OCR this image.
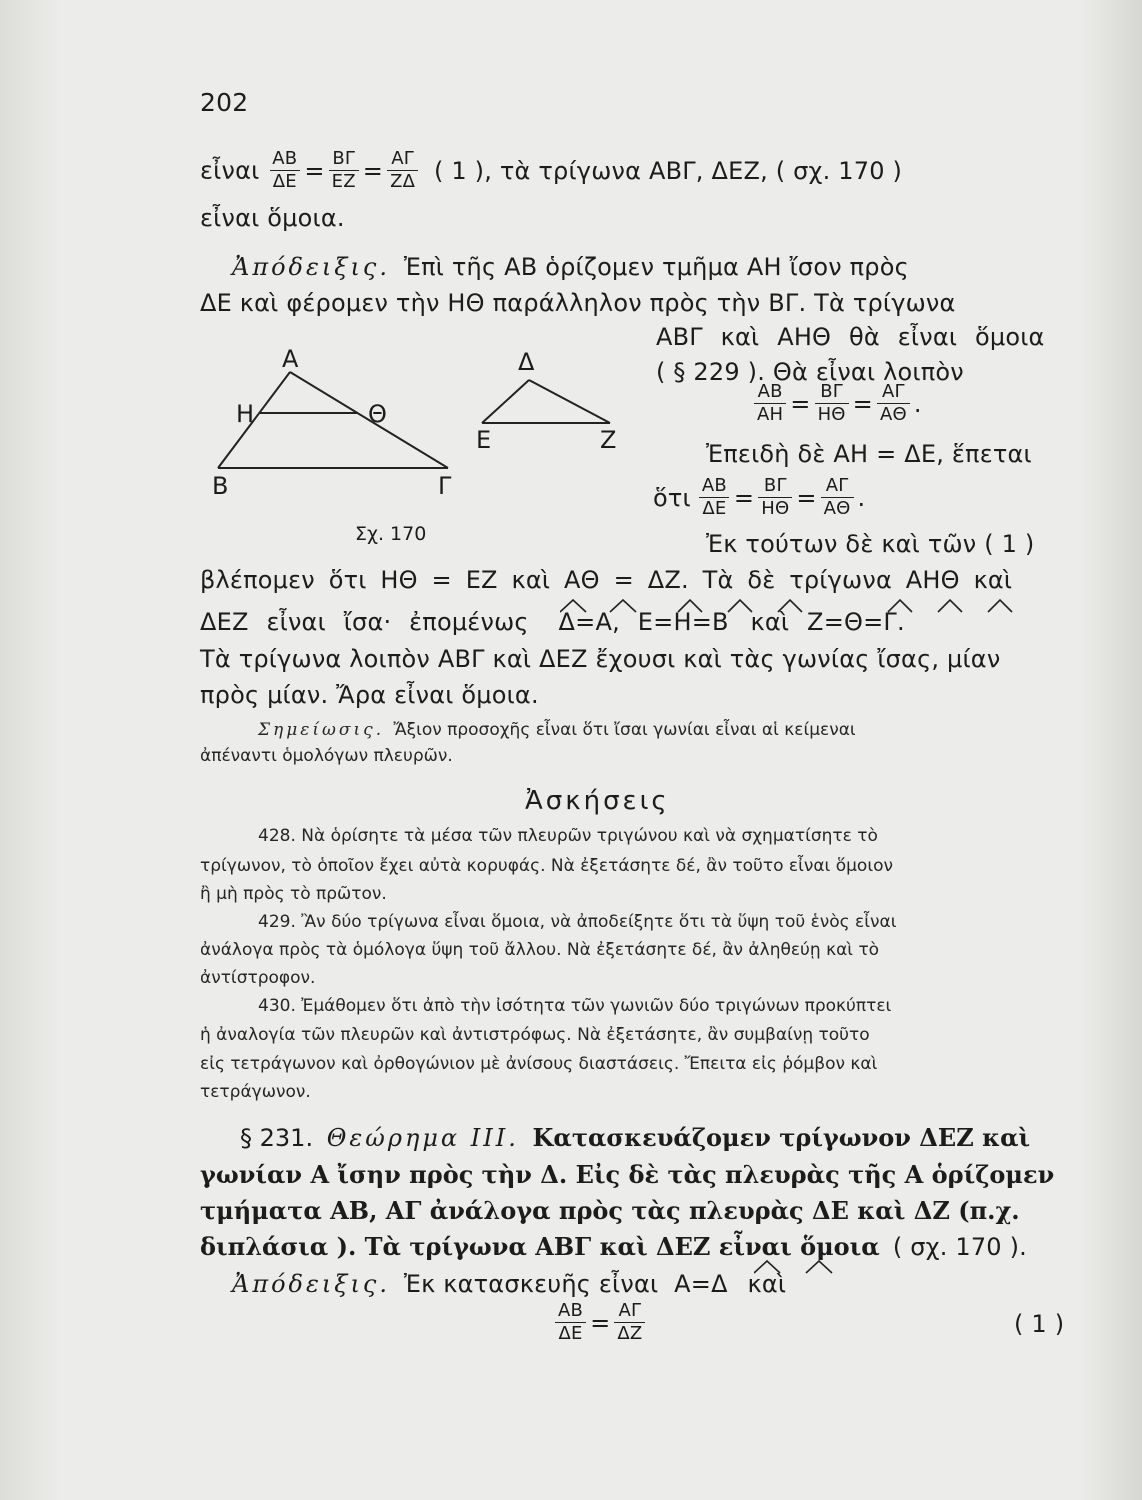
202
εἶναι $\frac{AB}{\Delta E} = \frac{B\Gamma}{EZ} = \frac{A\Gamma}{Z\Delta}$ ( 1 ), τὰ τρίγωνα ΑΒΓ, ΔΕΖ, ( σχ. 170 )
εἶναι ὅμοια.
Ἀπόδειξις. Ἐπὶ τῆς ΑΒ ὁρίζομεν τμῆμα ΑΗ ἴσον πρὸς
ΔΕ καὶ φέρομεν τὴν ΗΘ παράλληλον πρὸς τὴν ΒΓ. Τὰ τρίγωνα
ΑΒΓ καὶ ΑΗΘ θὰ εἶναι ὅμοια
( § 229 ). Θὰ εἶναι λοιπὸν
$\frac{AB}{AH} = \frac{B\Gamma}{H\Theta} = \frac{A\Gamma}{A\Theta}$ .
Ἐπειδὴ δὲ ΑΗ = ΔΕ, ἕπεται
ὅτι $\frac{AB}{\Delta E} = \frac{B\Gamma}{H\Theta} = \frac{A\Gamma}{A\Theta}$ .
Ἐκ τούτων δὲ καὶ τῶν ( 1 )
Α
Η	Θ
Β	Γ
Δ
Ε	Ζ
Σχ. 170
βλέπομεν ὅτι ΗΘ = ΕΖ καὶ ΑΘ = ΔΖ. Τὰ δὲ τρίγωνα ΑΗΘ καὶ
ΔΕΖ εἶναι ἴσα· ἐπομένως Δ=Α, Ε=Η=Β καὶ Ζ=Θ=Γ.
Τὰ τρίγωνα λοιπὸν ΑΒΓ καὶ ΔΕΖ ἔχουσι καὶ τὰς γωνίας ἴσας, μίαν
πρὸς μίαν. Ἄρα εἶναι ὅμοια.
Σημείωσις. Ἄξιον προσοχῆς εἶναι ὅτι ἴσαι γωνίαι εἶναι αἱ κείμεναι
ἀπέναντι ὁμολόγων πλευρῶν.
Ἀσκήσεις
428. Νὰ ὁρίσητε τὰ μέσα τῶν πλευρῶν τριγώνου καὶ νὰ σχηματίσητε τὸ
τρίγωνον, τὸ ὁποῖον ἔχει αὐτὰ κορυφάς. Νὰ ἐξετάσητε δέ, ἂν τοῦτο εἶναι ὅμοιον
ἢ μὴ πρὸς τὸ πρῶτον.
429. Ἂν δύο τρίγωνα εἶναι ὅμοια, νὰ ἀποδείξητε ὅτι τὰ ὕψη τοῦ ἑνὸς εἶναι
ἀνάλογα πρὸς τὰ ὁμόλογα ὕψη τοῦ ἄλλου. Νὰ ἐξετάσητε δέ, ἂν ἀληθεύῃ καὶ τὸ
ἀντίστροφον.
430. Ἐμάθομεν ὅτι ἀπὸ τὴν ἰσότητα τῶν γωνιῶν δύο τριγώνων προκύπτει
ἡ ἀναλογία τῶν πλευρῶν καὶ ἀντιστρόφως. Νὰ ἐξετάσητε, ἂν συμβαίνῃ τοῦτο
εἰς τετράγωνον καὶ ὀρθογώνιον μὲ ἀνίσους διαστάσεις. Ἔπειτα εἰς ῥόμβον καὶ
τετράγωνον.
§ 231. Θεώρημα III. Κατασκευάζομεν τρίγωνον ΔΕΖ καὶ
γωνίαν Α ἴσην πρὸς τὴν Δ. Εἰς δὲ τὰς πλευρὰς τῆς Α ὁρίζομεν
τμήματα ΑΒ, ΑΓ ἀνάλογα πρὸς τὰς πλευρὰς ΔΕ καὶ ΔΖ (π.χ.
διπλάσια ). Τὰ τρίγωνα ΑΒΓ καὶ ΔΕΖ εἶναι ὅμοια ( σχ. 170 ).
Ἀπόδειξις. Ἐκ κατασκευῆς εἶναι Α=Δ καὶ
$\frac{AB}{\Delta E} = \frac{A\Gamma}{\Delta Z}$	( 1 )
